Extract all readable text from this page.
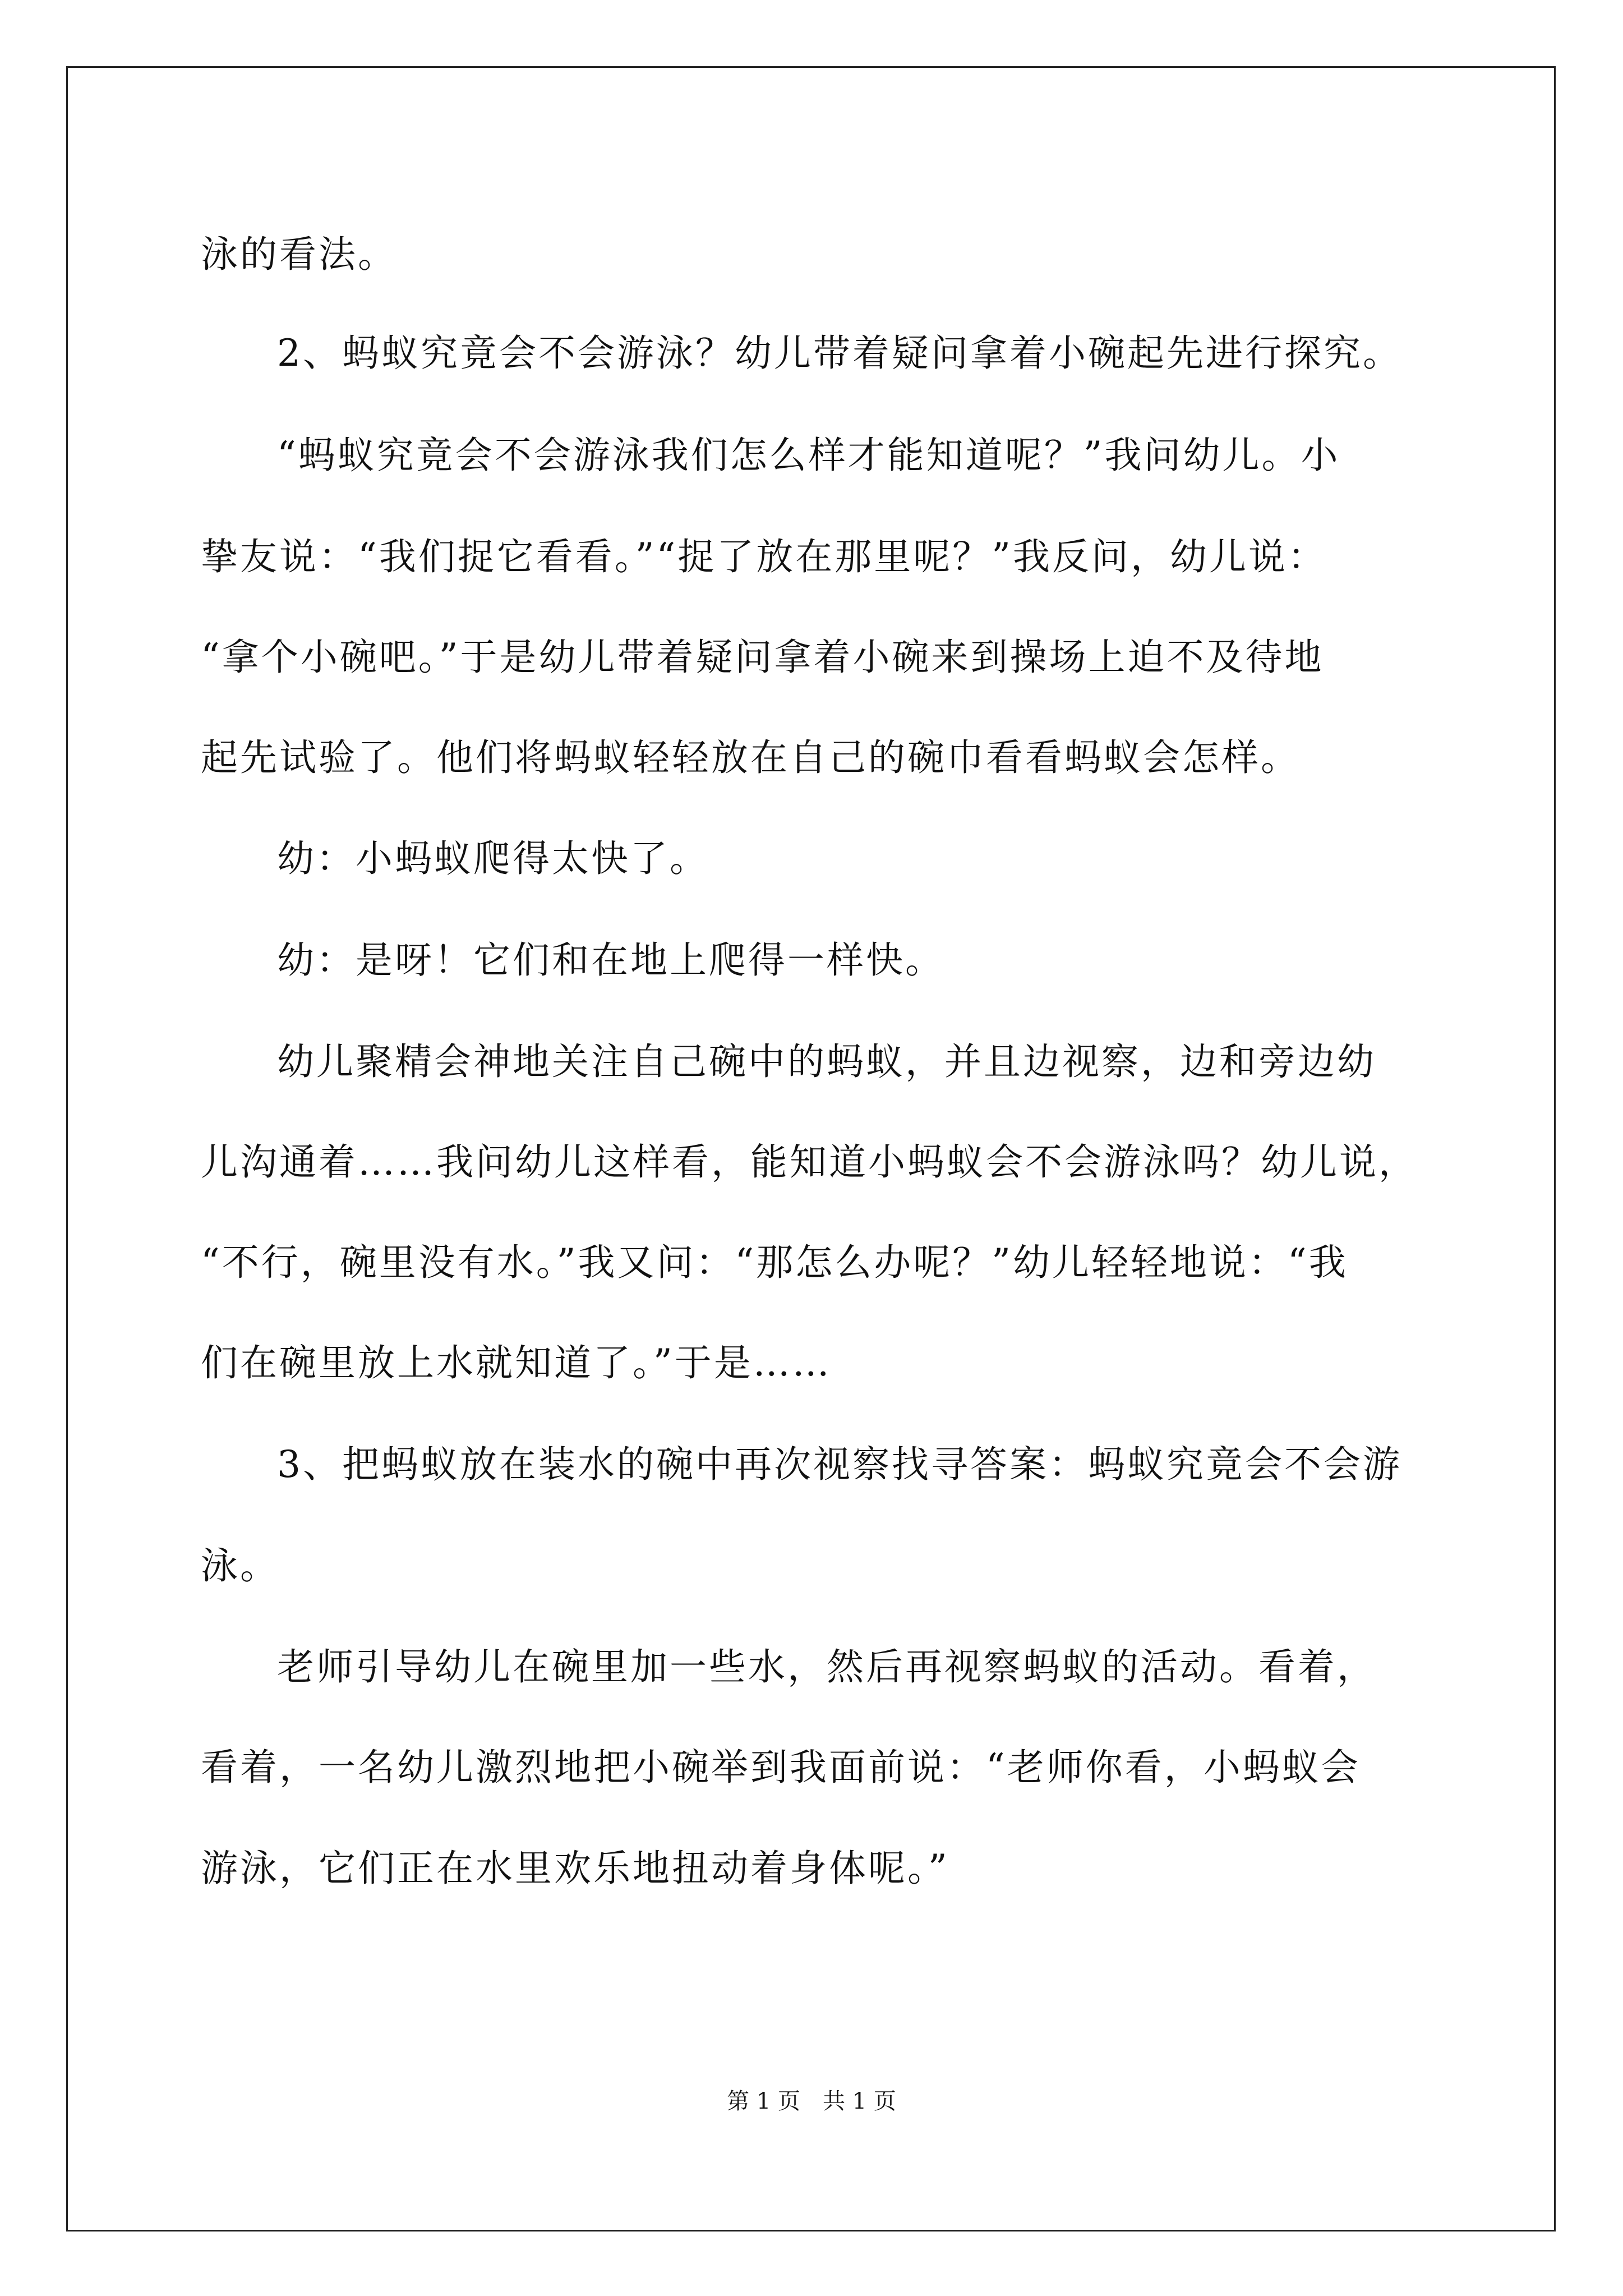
泳的看法。
2、蚂蚁究竟会不会游泳？幼儿带着疑问拿着小碗起先进行探究。
“蚂蚁究竟会不会游泳我们怎么样才能知道呢？”我问幼儿。小
挚友说：“我们捉它看看。”“捉了放在那里呢？”我反问，幼儿说：
“拿个小碗吧。”于是幼儿带着疑问拿着小碗来到操场上迫不及待地
起先试验了。他们将蚂蚁轻轻放在自己的碗巾看看蚂蚁会怎样。
幼：小蚂蚁爬得太快了。
幼：是呀！它们和在地上爬得一样快。
幼儿聚精会神地关注自己碗中的蚂蚁，并且边视察，边和旁边幼
儿沟通着……我问幼儿这样看，能知道小蚂蚁会不会游泳吗？幼儿说，
“不行，碗里没有水。”我又问：“那怎么办呢？”幼儿轻轻地说：“我
们在碗里放上水就知道了。”于是……
3、把蚂蚁放在装水的碗中再次视察找寻答案：蚂蚁究竟会不会游
泳。
老师引导幼儿在碗里加一些水，然后再视察蚂蚁的活动。看着，
看着，一名幼儿激烈地把小碗举到我面前说：“老师你看，小蚂蚁会
游泳，它们正在水里欢乐地扭动着身体呢。”
第 1 页　共 1 页
